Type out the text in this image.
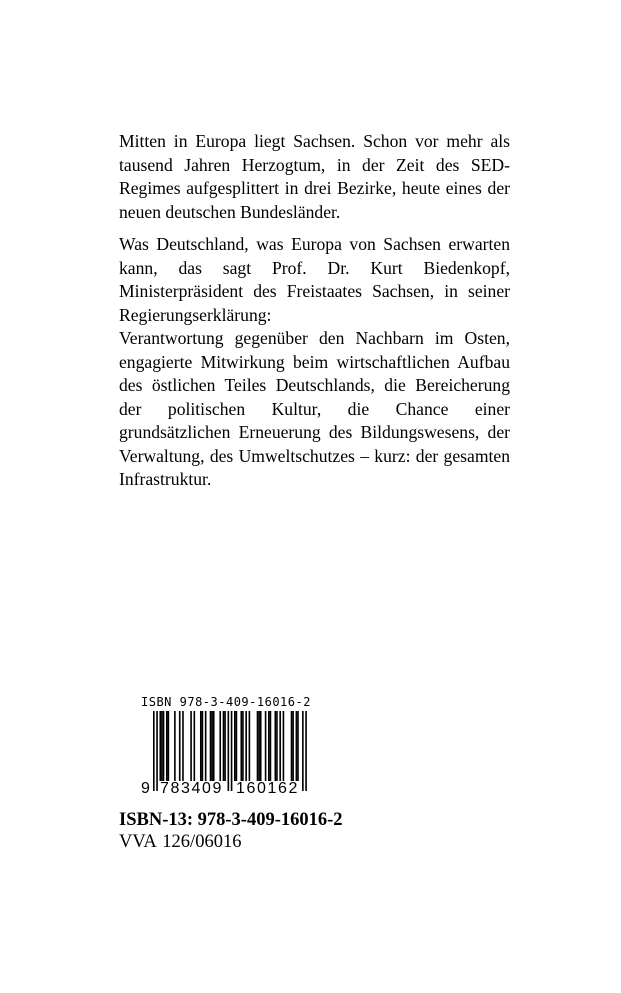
Mitten in Europa liegt Sachsen. Schon vor mehr als tausend Jahren Herzogtum, in der Zeit des SED-Regimes aufgesplittert in drei Bezirke, heute eines der neuen deutschen Bundesländer.

Was Deutschland, was Europa von Sachsen erwarten kann, das sagt Prof. Dr. Kurt Biedenkopf, Ministerpräsident des Freistaates Sachsen, in seiner Regierungserklärung:

Verantwortung gegenüber den Nachbarn im Osten, engagierte Mitwirkung beim wirtschaftlichen Aufbau des östlichen Teiles Deutschlands, die Bereicherung der politischen Kultur, die Chance einer grundsätzlichen Erneuerung des Bildungswesens, der Verwaltung, des Umweltschutzes – kurz: der gesamten Infrastruktur.

ISBN 978-3-409-16016-2
9 783409 160162
ISBN-13: 978-3-409-16016-2
VVA 126/06016
